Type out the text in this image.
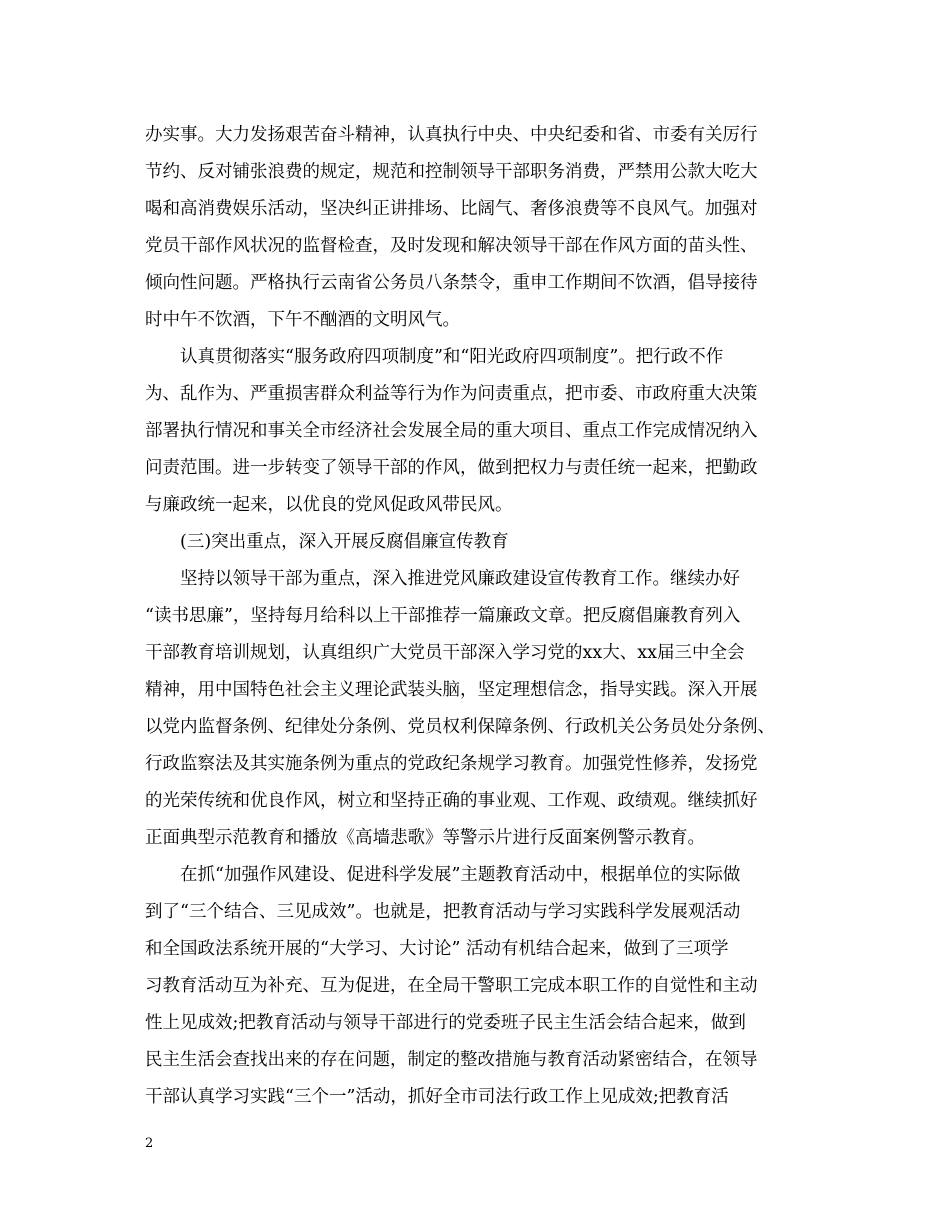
办实事。大力发扬艰苦奋斗精神，认真执行中央、中央纪委和省、市委有关厉行
节约、反对铺张浪费的规定，规范和控制领导干部职务消费，严禁用公款大吃大
喝和高消费娱乐活动，坚决纠正讲排场、比阔气、奢侈浪费等不良风气。加强对
党员干部作风状况的监督检查，及时发现和解决领导干部在作风方面的苗头性、
倾向性问题。严格执行云南省公务员八条禁令，重申工作期间不饮酒，倡导接待
时中午不饮酒，下午不酗酒的文明风气。
认真贯彻落实“服务政府四项制度”和“阳光政府四项制度”。把行政不作
为、乱作为、严重损害群众利益等行为作为问责重点，把市委、市政府重大决策
部署执行情况和事关全市经济社会发展全局的重大项目、重点工作完成情况纳入
问责范围。进一步转变了领导干部的作风，做到把权力与责任统一起来，把勤政
与廉政统一起来，以优良的党风促政风带民风。
(三)突出重点，深入开展反腐倡廉宣传教育
坚持以领导干部为重点，深入推进党风廉政建设宣传教育工作。继续办好
“读书思廉”，坚持每月给科以上干部推荐一篇廉政文章。把反腐倡廉教育列入
干部教育培训规划，认真组织广大党员干部深入学习党的xx大、xx届三中全会
精神，用中国特色社会主义理论武装头脑，坚定理想信念，指导实践。深入开展
以党内监督条例、纪律处分条例、党员权利保障条例、行政机关公务员处分条例、
行政监察法及其实施条例为重点的党政纪条规学习教育。加强党性修养，发扬党
的光荣传统和优良作风，树立和坚持正确的事业观、工作观、政绩观。继续抓好
正面典型示范教育和播放《高墙悲歌》等警示片进行反面案例警示教育。
在抓“加强作风建设、促进科学发展”主题教育活动中，根据单位的实际做
到了“三个结合、三见成效”。也就是，把教育活动与学习实践科学发展观活动
和全国政法系统开展的“大学习、大讨论” 活动有机结合起来，做到了三项学
习教育活动互为补充、互为促进，在全局干警职工完成本职工作的自觉性和主动
性上见成效;把教育活动与领导干部进行的党委班子民主生活会结合起来，做到
民主生活会查找出来的存在问题，制定的整改措施与教育活动紧密结合，在领导
干部认真学习实践“三个一”活动，抓好全市司法行政工作上见成效;把教育活
2
